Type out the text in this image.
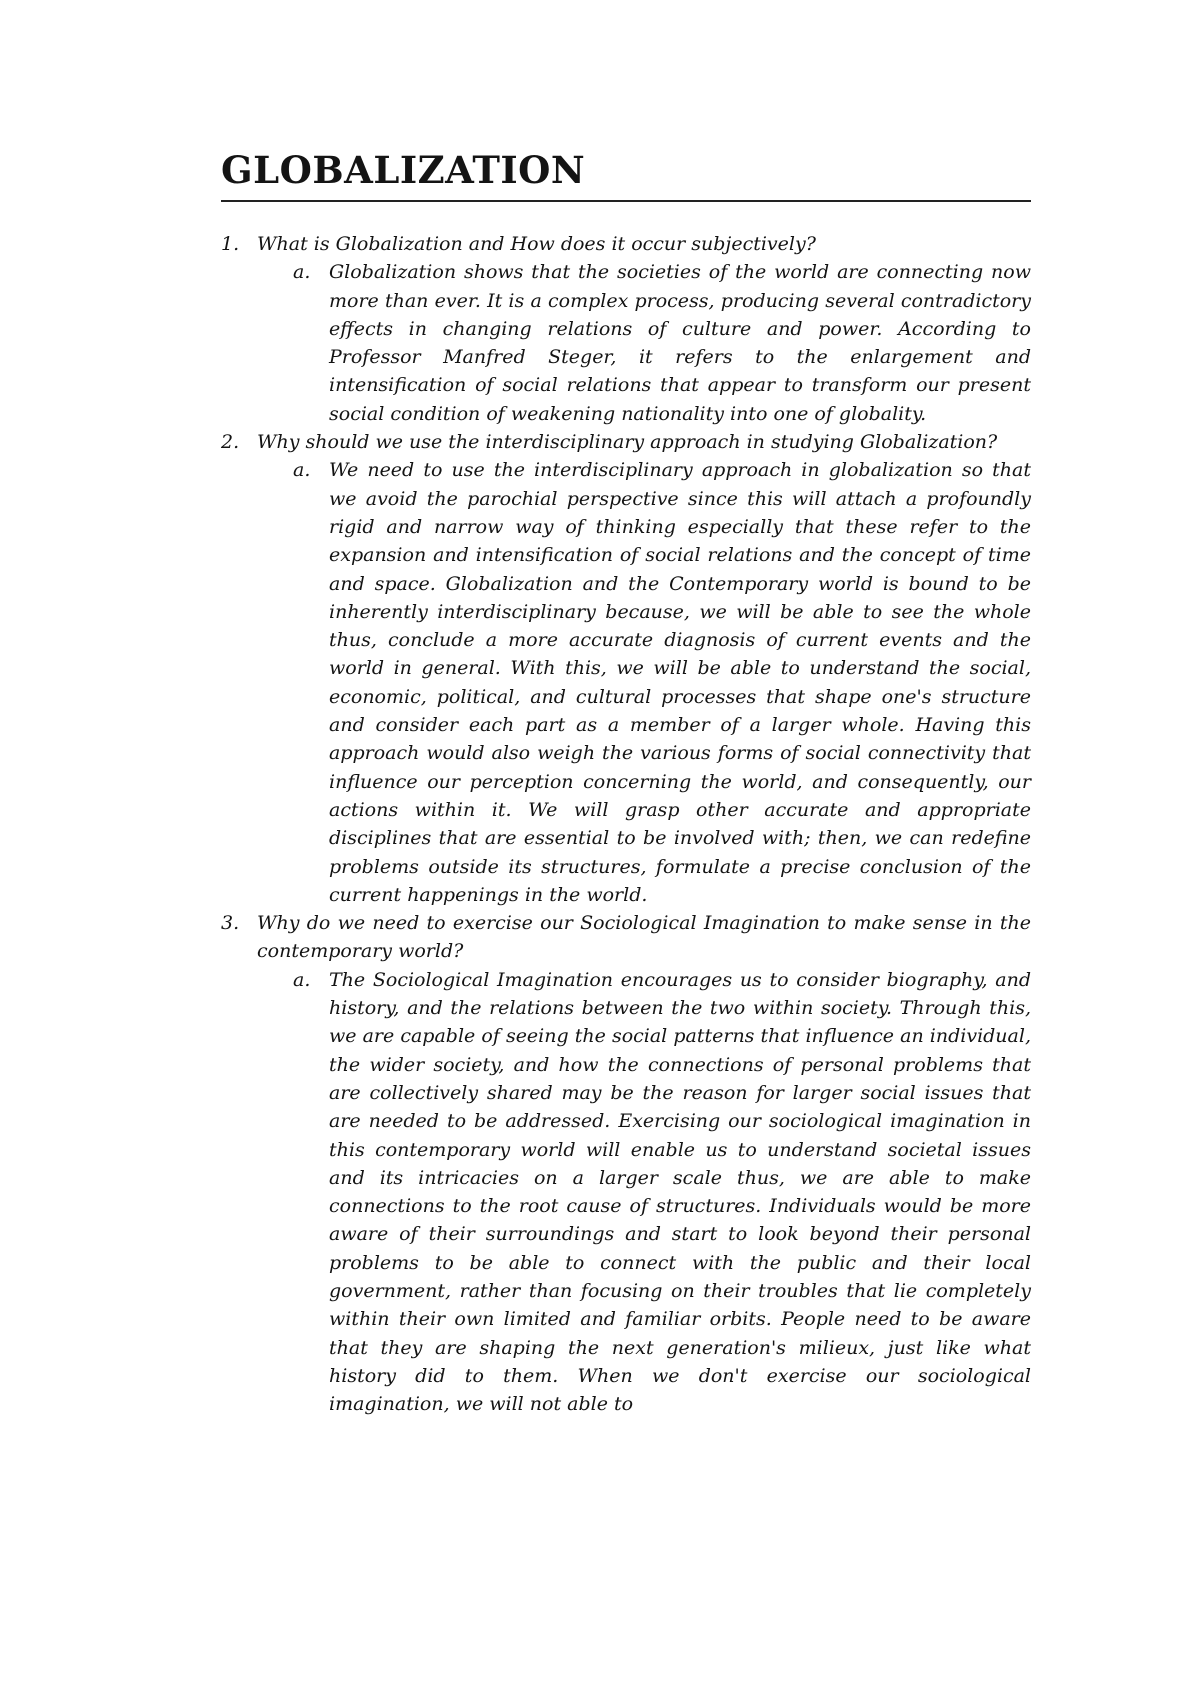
GLOBALIZATION
1. What is Globalization and How does it occur subjectively?

a. Globalization shows that the societies of the world are connecting now more than ever. It is a complex process, producing several contradictory effects in changing relations of culture and power. According to Professor Manfred Steger, it refers to the enlargement and intensification of social relations that appear to transform our present social condition of weakening nationality into one of globality.

2. Why should we use the interdisciplinary approach in studying Globalization?

a. We need to use the interdisciplinary approach in globalization so that we avoid the parochial perspective since this will attach a profoundly rigid and narrow way of thinking especially that these refer to the expansion and intensification of social relations and the concept of time and space. Globalization and the Contemporary world is bound to be inherently interdisciplinary because, we will be able to see the whole thus, conclude a more accurate diagnosis of current events and the world in general. With this, we will be able to understand the social, economic, political, and cultural processes that shape one's structure and consider each part as a member of a larger whole. Having this approach would also weigh the various forms of social connectivity that influence our perception concerning the world, and consequently, our actions within it. We will grasp other accurate and appropriate disciplines that are essential to be involved with; then, we can redefine problems outside its structures, formulate a precise conclusion of the current happenings in the world.

3. Why do we need to exercise our Sociological Imagination to make sense in the contemporary world?

a. The Sociological Imagination encourages us to consider biography, and history, and the relations between the two within society. Through this, we are capable of seeing the social patterns that influence an individual, the wider society, and how the connections of personal problems that are collectively shared may be the reason for larger social issues that are needed to be addressed. Exercising our sociological imagination in this contemporary world will enable us to understand societal issues and its intricacies on a larger scale thus, we are able to make connections to the root cause of structures. Individuals would be more aware of their surroundings and start to look beyond their personal problems to be able to connect with the public and their local government, rather than focusing on their troubles that lie completely within their own limited and familiar orbits. People need to be aware that they are shaping the next generation's milieux, just like what history did to them. When we don't exercise our sociological imagination, we will not able to
